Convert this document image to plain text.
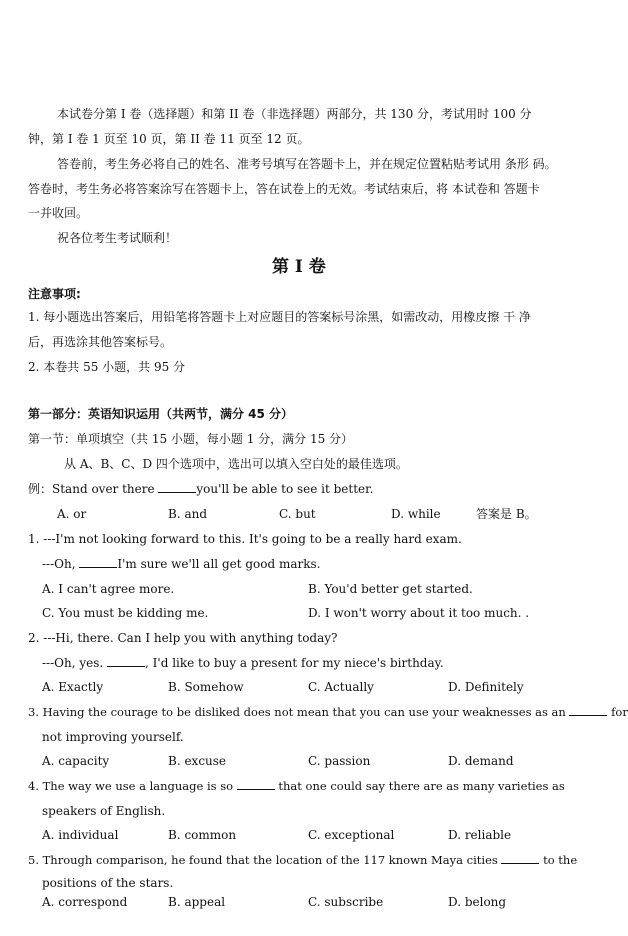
本试卷分第 I 卷（选择题）和第 II 卷（非选择题）两部分，共 130 分，考试用时 100 分
钟，第 I 卷 1 页至 10 页，第 II 卷 11 页至 12 页。
答卷前，考生务必将自己的姓名、准考号填写在答题卡上，并在规定位置粘贴考试用 条形 码。
答卷时，考生务必将答案涂写在答题卡上，答在试卷上的无效。考试结束后，将 本试卷和 答题卡
一并收回。
祝各位考生考试顺利！
第 I 卷
注意事项:
1. 每小题选出答案后，用铅笔将答题卡上对应题目的答案标号涂黑，如需改动，用橡皮擦 干 净
后，再选涂其他答案标号。
2. 本卷共 55 小题，共 95 分
第一部分：英语知识运用（共两节，满分 45 分）
第一节：单项填空（共 15 小题，每小题 1 分，满分 15 分）
从 A、B、C、D 四个选项中，选出可以填入空白处的最佳选项。
例：Stand over there	you'll be able to see it better.
A. or	B. and	C. but	D. while	答案是 B。
1. ---I'm not looking forward to this. It's going to be a really hard exam.
---Oh,	I'm sure we'll all get good marks.
A. I can't agree more.	B. You'd better get started.
C. You must be kidding me.	D. I won't worry about it too much. .
2. ---Hi, there. Can I help you with anything today?
---Oh, yes.	, I'd like to buy a present for my niece's birthday.
A. Exactly	B. Somehow	C. Actually	D. Definitely
3. Having the courage to be disliked does not mean that you can use your weaknesses as an	for
not improving yourself.
A. capacity	B. excuse	C. passion	D. demand
4. The way we use a language is so	that one could say there are as many varieties as
speakers of English.
A. individual	B. common	C. exceptional	D. reliable
5. Through comparison, he found that the location of the 117 known Maya cities	to the
positions of the stars.
A. correspond	B. appeal	C. subscribe	D. belong
